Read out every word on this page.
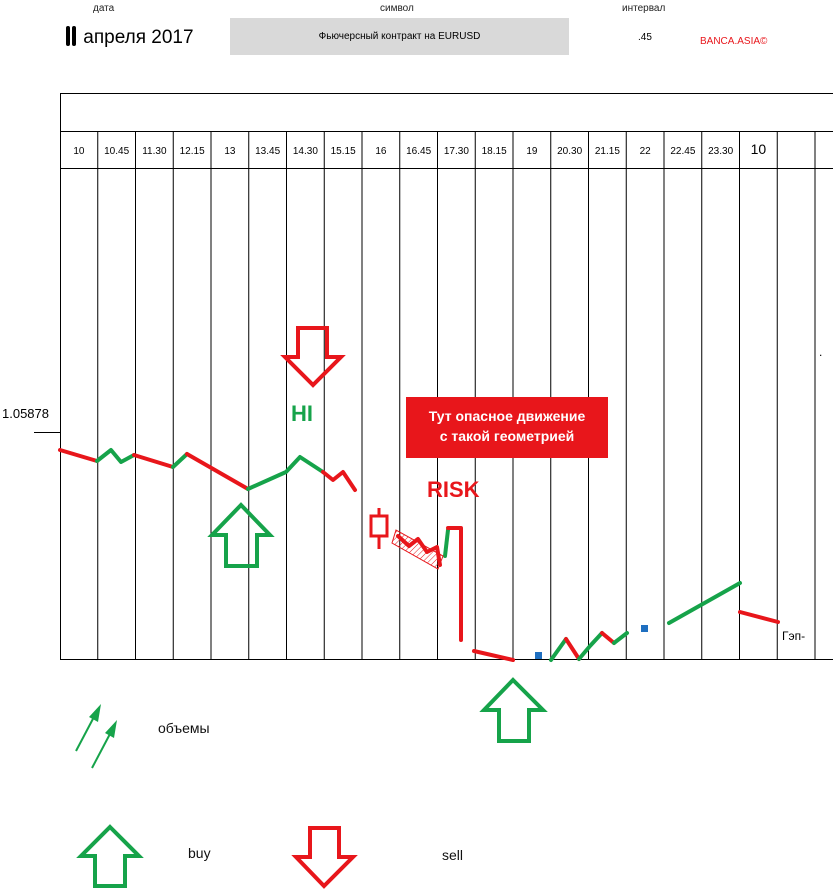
дата	символ	интервал
апреля 2017	Фьючерсный контракт на EURUSD	.45	BANCA.ASIA©
10 10.45 11.30 12.15 13 13.45 14.30 15.15 16 16.45 17.30 18.15 19 20.30 21.15 22 22.45 23.30 10
1.05878	HI
RISK
Тут опасное движение
с такой геометрией
Гэп-
.
объемы
buy	sell
